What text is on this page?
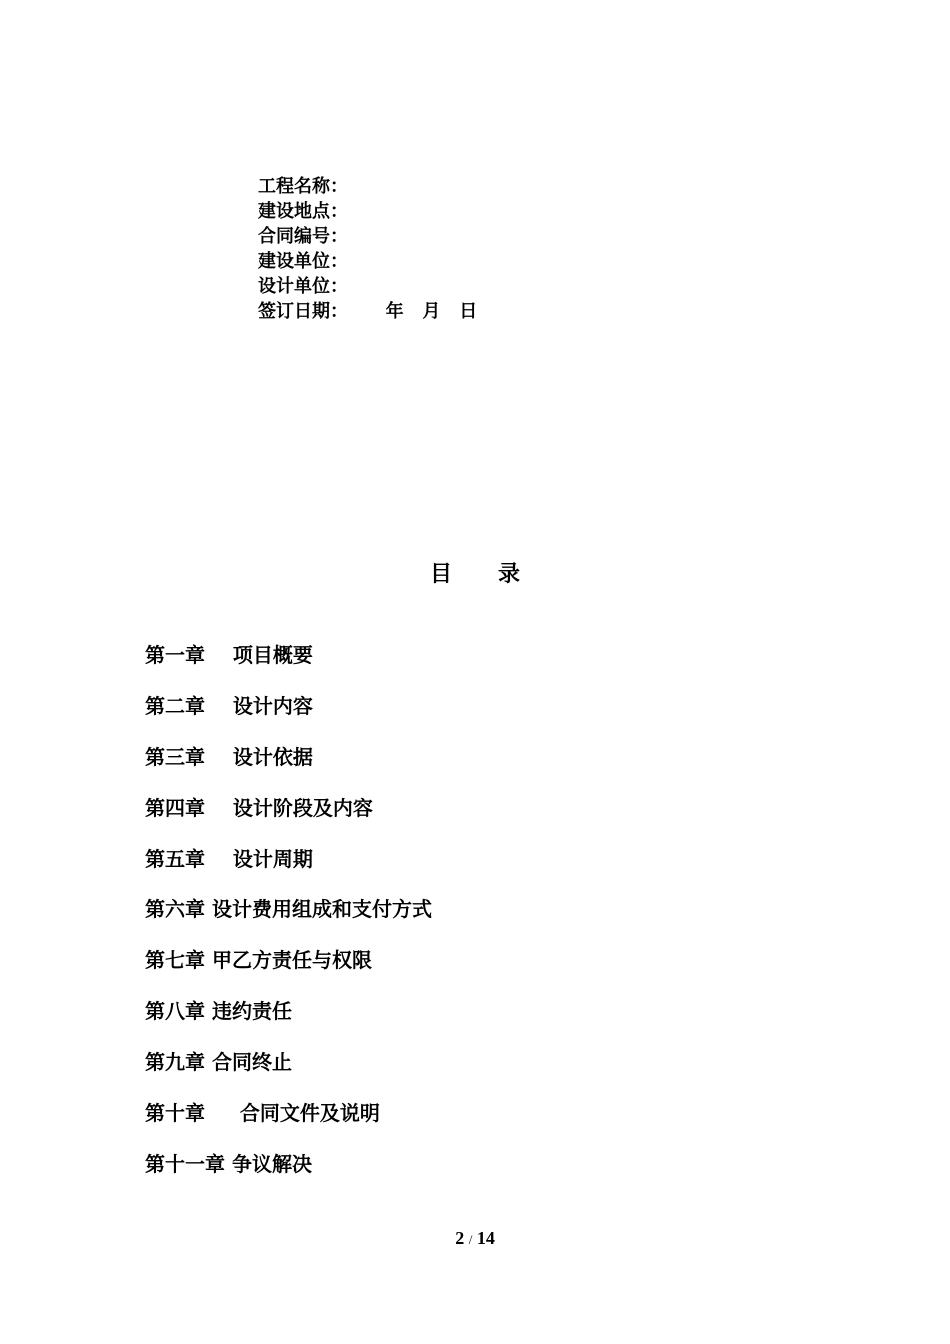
工程名称：
建设地点：
合同编号：
建设单位：
设计单位：
签订日期：      年   月   日
目      录
第一章    项目概要
第二章    设计内容
第三章    设计依据
第四章    设计阶段及内容
第五章    设计周期
第六章 设计费用组成和支付方式
第七章 甲乙方责任与权限
第八章 违约责任
第九章 合同终止
第十章     合同文件及说明
第十一章 争议解决
2 / 14
